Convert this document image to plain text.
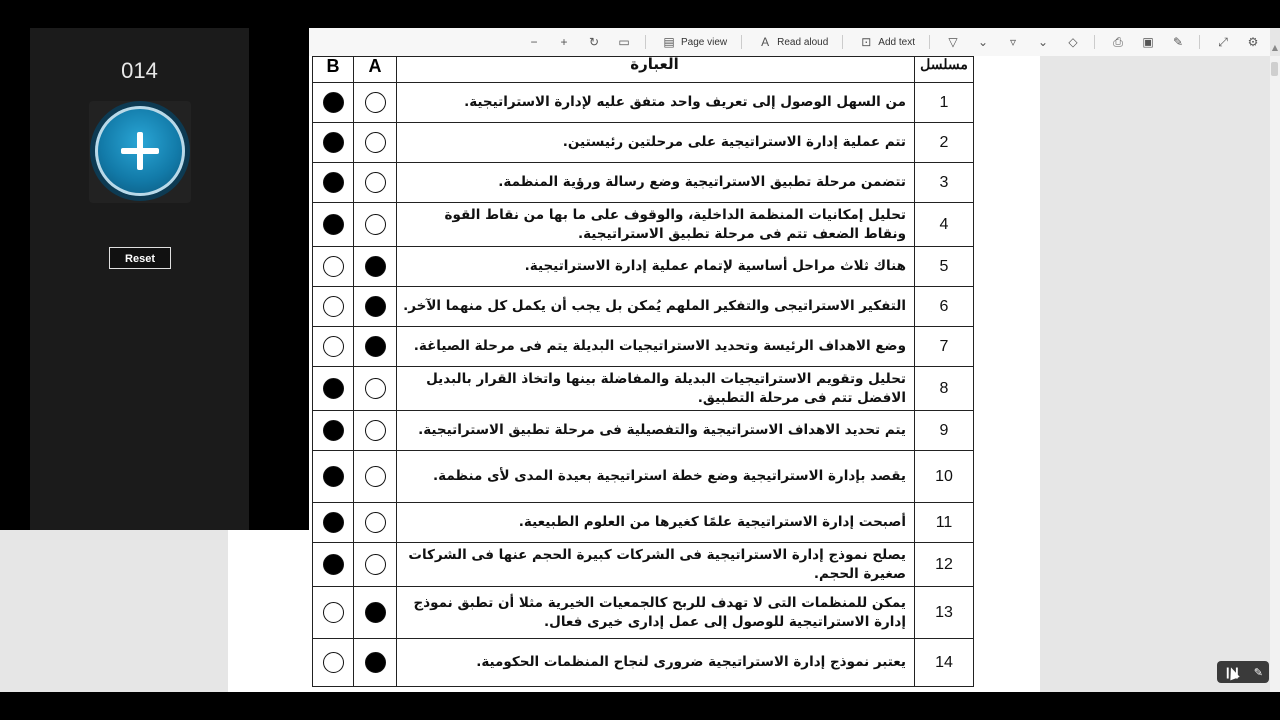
− + ↻ ▭	▤ Page view	A Read aloud	⊡ Add text	▽ ⌄	▿	⌄ ◇	⎙ ▣ ✎	⤢ ⚙ ▲
B	A	العبارة	مسلسل
		من السهل الوصول إلى تعريف واحد متفق عليه لإدارة الاستراتيجية.	1
		تتم عملية إدارة الاستراتيجية على مرحلتين رئيستين.	2
		تتضمن مرحلة تطبيق الاستراتيجية وضع رسالة ورؤية المنظمة.	3
		تحليل إمكانيات المنظمة الداخلية، والوقوف على ما بها من نقاط القوة ونقاط الضعف تتم فى مرحلة تطبيق الاستراتيجية.	4
		هناك ثلاث مراحل أساسية لإتمام عملية إدارة الاستراتيجية.	5
		التفكير الاستراتيجى والتفكير الملهم يُمكن بل يجب أن يكمل كل منهما الآخر.	6
		وضع الاهداف الرئيسة وتحديد الاستراتيجيات البديلة يتم فى مرحلة الصياغة.	7
		تحليل وتقويم الاستراتيجيات البديلة والمفاضلة بينها واتخاذ القرار بالبديل الافضل تتم فى مرحلة التطبيق.	8
		يتم تحديد الاهداف الاستراتيجية والتفصيلية فى مرحلة تطبيق الاستراتيجية.	9
		يقصد بإدارة الاستراتيجية وضع خطة استراتيجية بعيدة المدى لأى منظمة.	10
		أصبحت إدارة الاستراتيجية علمًا كغيرها من العلوم الطبيعية.	11
		يصلح نموذج إدارة الاستراتيجية فى الشركات كبيرة الحجم عنها فى الشركات صغيرة الحجم.	12
		يمكن للمنظمات التى لا تهدف للربح كالجمعيات الخيرية مثلا أن تطبق نموذج إدارة الاستراتيجية للوصول إلى عمل إدارى خيرى فعال.	13
		يعتبر نموذج إدارة الاستراتيجية ضرورى لنجاح المنظمات الحكومية.	14
014
Reset
❙❙ ✎
